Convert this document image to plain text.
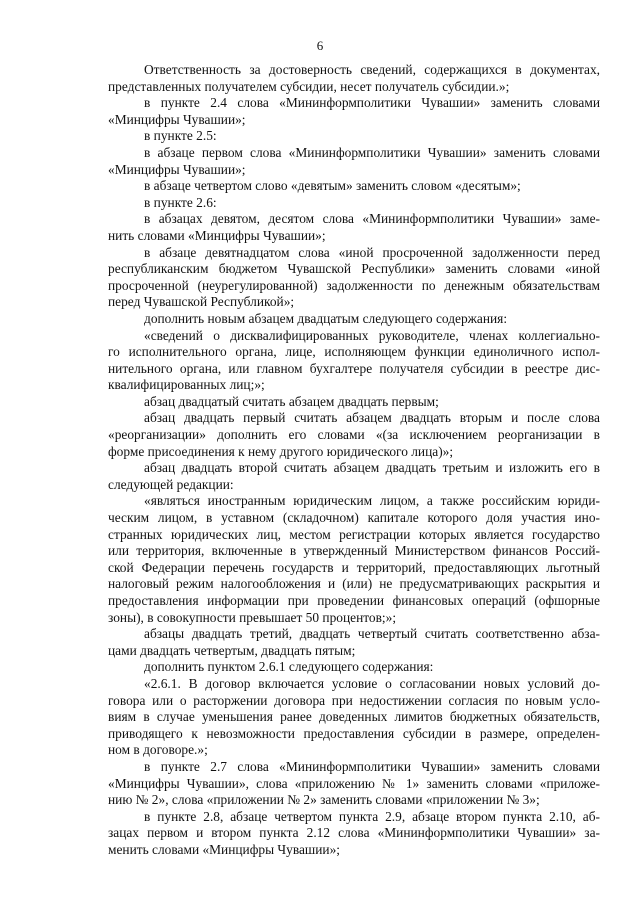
6
Ответственность за достоверность сведений, содержащихся в документах,
представленных получателем субсидии, несет получатель субсидии.»;
в пункте 2.4 слова «Мининформполитики Чувашии» заменить словами
«Минцифры Чувашии»;
в пункте 2.5:
в абзаце первом слова «Мининформполитики Чувашии» заменить словами
«Минцифры Чувашии»;
в абзаце четвертом слово «девятым» заменить словом «десятым»;
в пункте 2.6:
в абзацах девятом, десятом слова «Мининформполитики Чувашии» заме-
нить словами «Минцифры Чувашии»;
в абзаце девятнадцатом слова «иной просроченной задолженности перед
республиканским бюджетом Чувашской Республики» заменить словами «иной
просроченной (неурегулированной) задолженности по денежным обязательствам
перед Чувашской Республикой»;
дополнить новым абзацем двадцатым следующего содержания:
«сведений о дисквалифицированных руководителе, членах коллегиально-
го исполнительного органа, лице, исполняющем функции единоличного испол-
нительного органа, или главном бухгалтере получателя субсидии в реестре дис-
квалифицированных лиц;»;
абзац двадцатый считать абзацем двадцать первым;
абзац двадцать первый считать абзацем двадцать вторым и после слова
«реорганизации» дополнить его словами «(за исключением реорганизации в
форме присоединения к нему другого юридического лица)»;
абзац двадцать второй считать абзацем двадцать третьим и изложить его в
следующей редакции:
«являться иностранным юридическим лицом, а также российским юриди-
ческим лицом, в уставном (складочном) капитале которого доля участия ино-
странных юридических лиц, местом регистрации которых является государство
или территория, включенные в утвержденный Министерством финансов Россий-
ской Федерации перечень государств и территорий, предоставляющих льготный
налоговый режим налогообложения и (или) не предусматривающих раскрытия и
предоставления информации при проведении финансовых операций (офшорные
зоны), в совокупности превышает 50 процентов;»;
абзацы двадцать третий, двадцать четвертый считать соответственно абза-
цами двадцать четвертым, двадцать пятым;
дополнить пунктом 2.6.1 следующего содержания:
«2.6.1. В договор включается условие о согласовании новых условий до-
говора или о расторжении договора при недостижении согласия по новым усло-
виям в случае уменьшения ранее доведенных лимитов бюджетных обязательств,
приводящего к невозможности предоставления субсидии в размере, определен-
ном в договоре.»;
в пункте 2.7 слова «Мининформполитики Чувашии» заменить словами
«Минцифры Чувашии», слова «приложению № 1» заменить словами «приложе-
нию № 2», слова «приложении № 2» заменить словами «приложении № 3»;
в пункте 2.8, абзаце четвертом пункта 2.9, абзаце втором пункта 2.10, аб-
зацах первом и втором пункта 2.12 слова «Мининформполитики Чувашии» за-
менить словами «Минцифры Чувашии»;
